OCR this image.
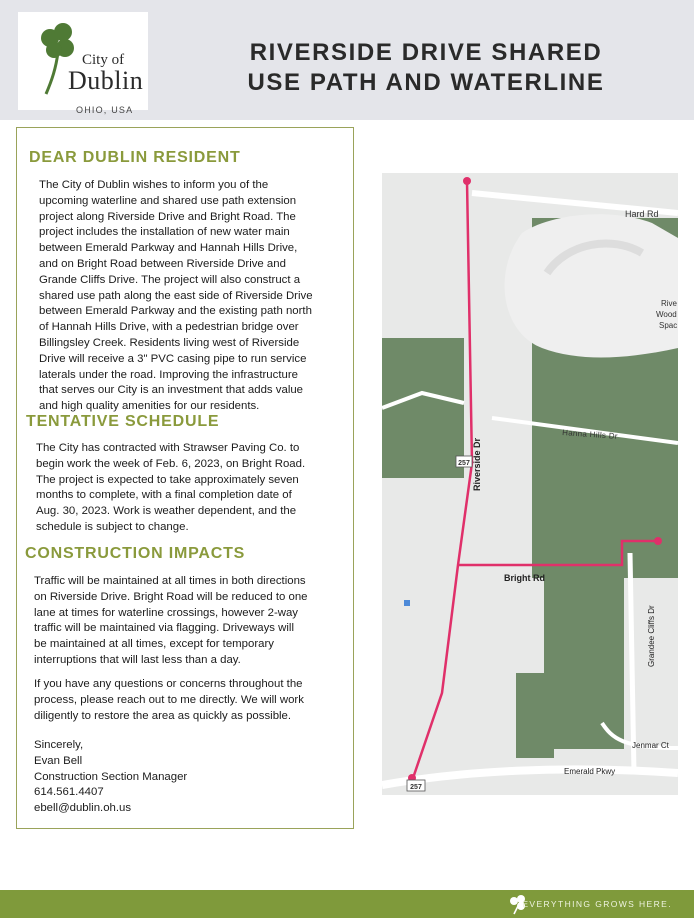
City of
Dublin
OHIO, USA
RIVERSIDE DRIVE SHARED
USE PATH AND WATERLINE
DEAR DUBLIN RESIDENT
The City of Dublin wishes to inform you of the
upcoming waterline and shared use path extension
project along Riverside Drive and Bright Road. The
project includes the installation of new water main
between Emerald Parkway and Hannah Hills Drive,
and on Bright Road between Riverside Drive and
Grande Cliffs Drive. The project will also construct a
shared use path along the east side of Riverside Drive
between Emerald Parkway and the existing path north
of Hannah Hills Drive, with a pedestrian bridge over
Billingsley Creek. Residents living west of Riverside
Drive will receive a 3" PVC casing pipe to run service
laterals under the road. Improving the infrastructure
that serves our City is an investment that adds value
and high quality amenities for our residents.
TENTATIVE SCHEDULE
The City has contracted with Strawser Paving Co. to
begin work the week of Feb. 6, 2023, on Bright Road.
The project is expected to take approximately seven
months to complete, with a final completion date of
Aug. 30, 2023. Work is weather dependent, and the
schedule is subject to change.
CONSTRUCTION IMPACTS
Traffic will be maintained at all times in both directions
on Riverside Drive. Bright Road will be reduced to one
lane at times for waterline crossings, however 2-way
traffic will be maintained via flagging. Driveways will
be maintained at all times, except for temporary
interruptions that will last less than a day.
If you have any questions or concerns throughout the
process, please reach out to me directly. We will work
diligently to restore the area as quickly as possible.
Sincerely,
Evan Bell
Construction Section Manager
614.561.4407
ebell@dublin.oh.us
257
257
Hard Rd
Hanna Hills Dr
Riverside Dr
Bright Rd
Grandee Cliffs Dr
Jenmar Ct
Emerald Pkwy
Rive
Wood
Spac
EVERYTHING GROWS HERE.
